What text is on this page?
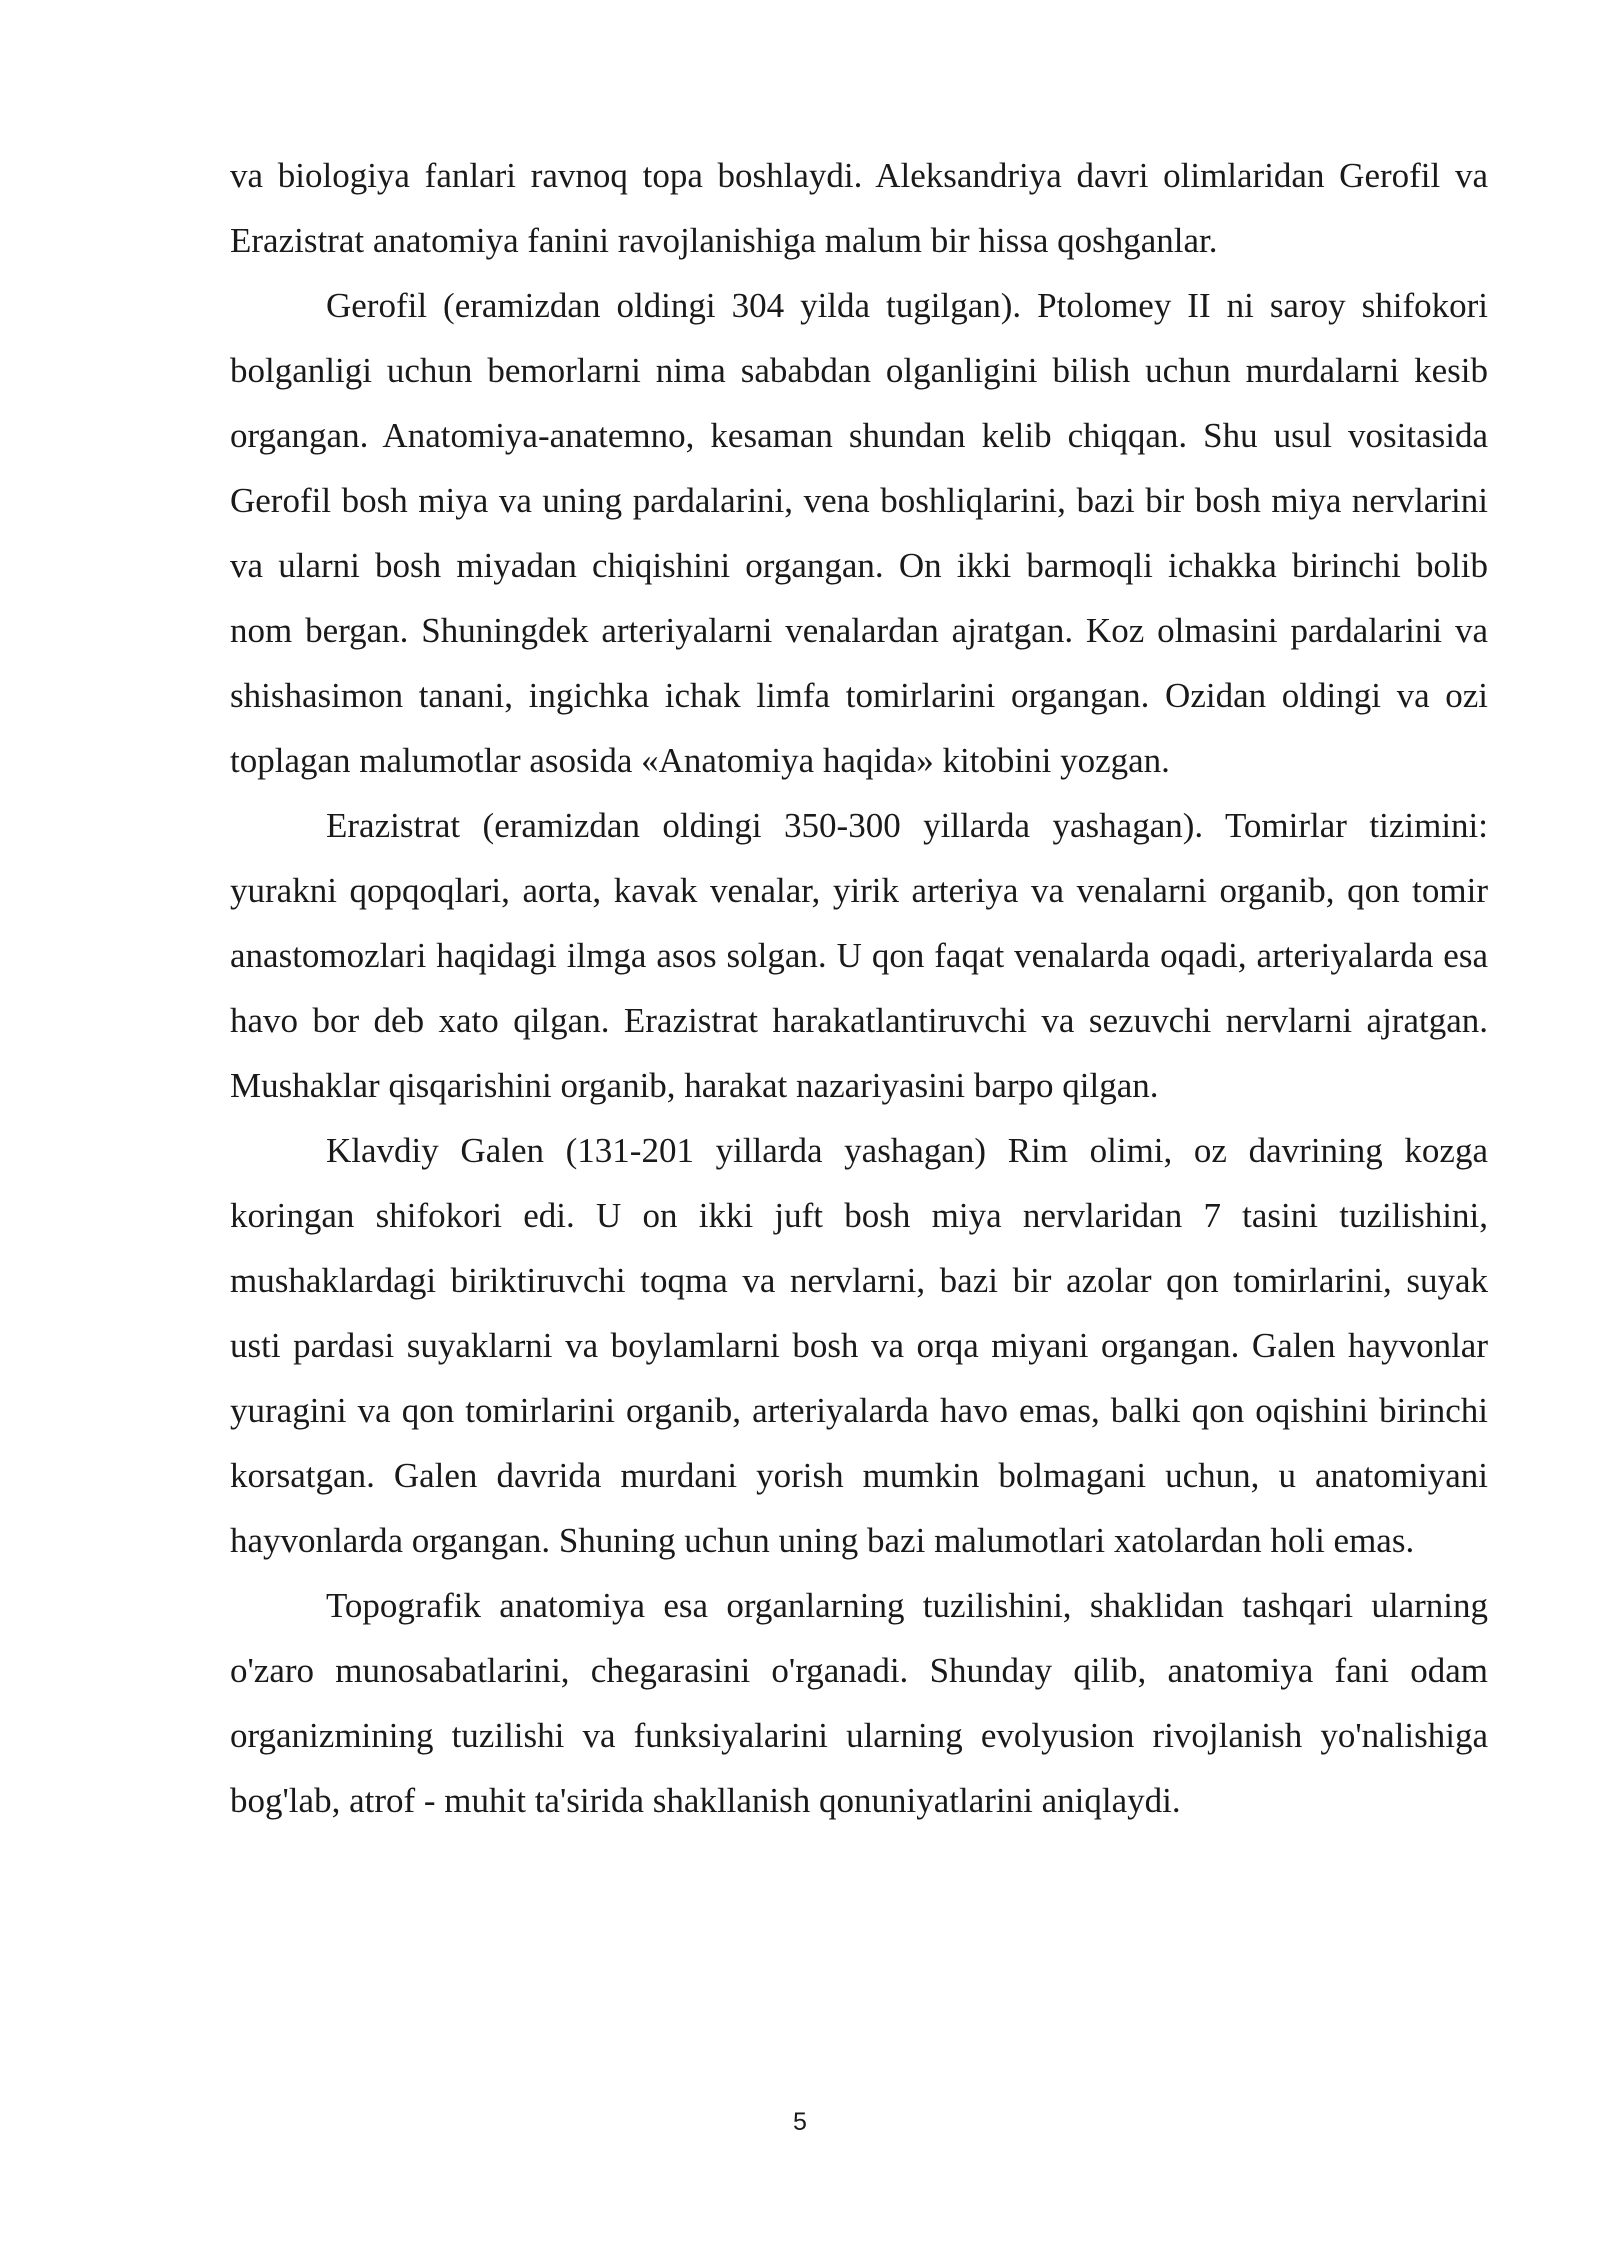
va biologiya fanlari ravnoq topa boshlaydi. Aleksandriya davri olimlaridan Gerofil va Erazistrat anatomiya fanini ravojlanishiga malum bir hissa qoshganlar.

Gerofil (eramizdan oldingi 304 yilda tugilgan). Ptolomey II ni saroy shifokori bolganligi uchun bemorlarni nima sababdan olganligini bilish uchun murdalarni kesib organgan. Anatomiya-anatemno, kesaman shundan kelib chiqqan. Shu usul vositasida Gerofil bosh miya va uning pardalarini, vena boshliqlarini, bazi bir bosh miya nervlarini va ularni bosh miyadan chiqishini organgan. On ikki barmoqli ichakka birinchi bolib nom bergan. Shuningdek arteriyalarni venalardan ajratgan. Koz olmasini pardalarini va shishasimon tanani, ingichka ichak limfa tomirlarini organgan. Ozidan oldingi va ozi toplagan malumotlar asosida «Anatomiya haqida» kitobini yozgan.

Erazistrat (eramizdan oldingi 350-300 yillarda yashagan). Tomirlar tizimini: yurakni qopqoqlari, aorta, kavak venalar, yirik arteriya va venalarni organib, qon tomir anastomozlari haqidagi ilmga asos solgan. U qon faqat venalarda oqadi, arteriyalarda esa havo bor deb xato qilgan. Erazistrat harakatlantiruvchi va sezuvchi nervlarni ajratgan. Mushaklar qisqarishini organib, harakat nazariyasini barpo qilgan.

Klavdiy Galen (131-201 yillarda yashagan) Rim olimi, oz davrining kozga koringan shifokori edi. U on ikki juft bosh miya nervlaridan 7 tasini tuzilishini, mushaklardagi biriktiruvchi toqma va nervlarni, bazi bir azolar qon tomirlarini, suyak usti pardasi suyaklarni va boylamlarni bosh va orqa miyani organgan. Galen hayvonlar yuragini va qon tomirlarini organib, arteriyalarda havo emas, balki qon oqishini birinchi korsatgan. Galen davrida murdani yorish mumkin bolmagani uchun, u anatomiyani hayvonlarda organgan. Shuning uchun uning bazi malumotlari xatolardan holi emas.

Topografik anatomiya esa organlarning tuzilishini, shaklidan tashqari ularning o'zaro munosabatlarini, chegarasini o'rganadi. Shunday qilib, anatomiya fani odam organizmining tuzilishi va funksiyalarini ularning evolyusion rivojlanish yo'nalishiga bog'lab, atrof - muhit ta'sirida shakllanish qonuniyatlarini aniqlaydi.

5
